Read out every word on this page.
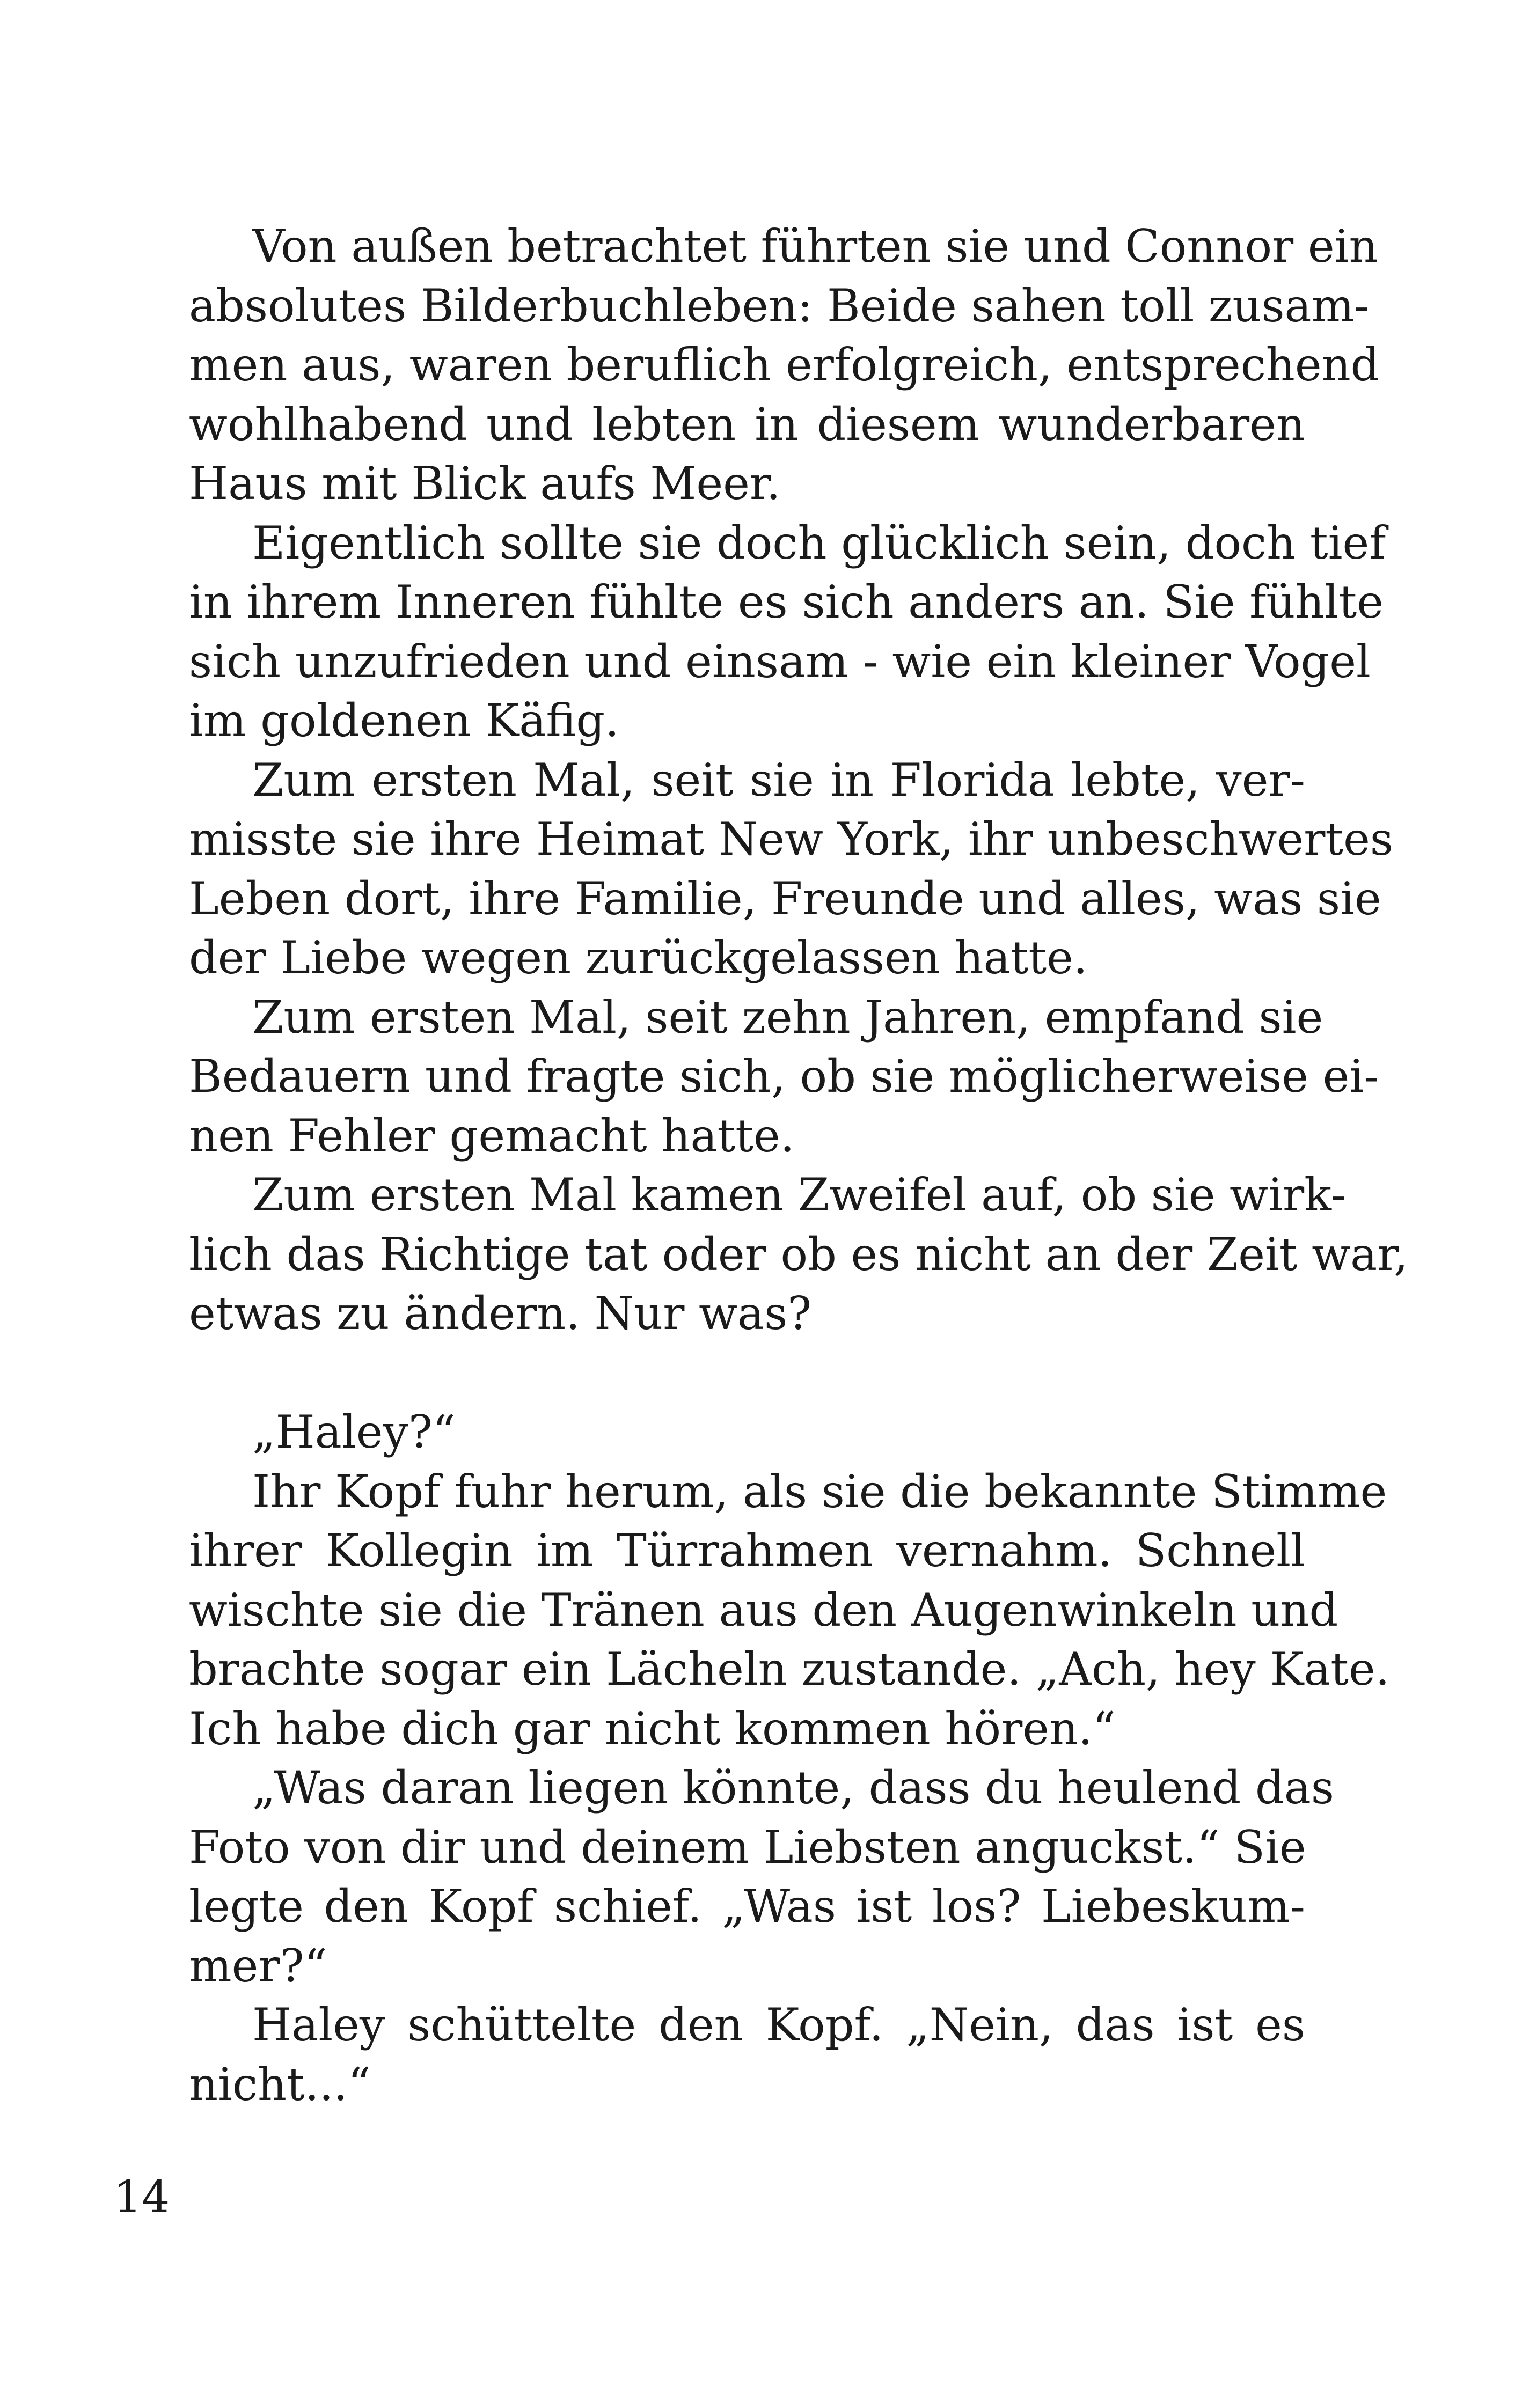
Von außen betrachtet führten sie und Connor ein
absolutes Bilderbuchleben: Beide sahen toll zusam-
men aus, waren beruflich erfolgreich, entsprechend
wohlhabend und lebten in diesem wunderbaren
Haus mit Blick aufs Meer.
Eigentlich sollte sie doch glücklich sein, doch tief
in ihrem Inneren fühlte es sich anders an. Sie fühlte
sich unzufrieden und einsam - wie ein kleiner Vogel
im goldenen Käfig.
Zum ersten Mal, seit sie in Florida lebte, ver-
misste sie ihre Heimat New York, ihr unbeschwertes
Leben dort, ihre Familie, Freunde und alles, was sie
der Liebe wegen zurückgelassen hatte.
Zum ersten Mal, seit zehn Jahren, empfand sie
Bedauern und fragte sich, ob sie möglicherweise ei-
nen Fehler gemacht hatte.
Zum ersten Mal kamen Zweifel auf, ob sie wirk-
lich das Richtige tat oder ob es nicht an der Zeit war,
etwas zu ändern. Nur was?
„Haley?“
Ihr Kopf fuhr herum, als sie die bekannte Stimme
ihrer Kollegin im Türrahmen vernahm. Schnell
wischte sie die Tränen aus den Augenwinkeln und
brachte sogar ein Lächeln zustande. „Ach, hey Kate.
Ich habe dich gar nicht kommen hören.“
„Was daran liegen könnte, dass du heulend das
Foto von dir und deinem Liebsten anguckst.“ Sie
legte den Kopf schief. „Was ist los? Liebeskum-
mer?“
Haley schüttelte den Kopf. „Nein, das ist es
nicht...“
14
